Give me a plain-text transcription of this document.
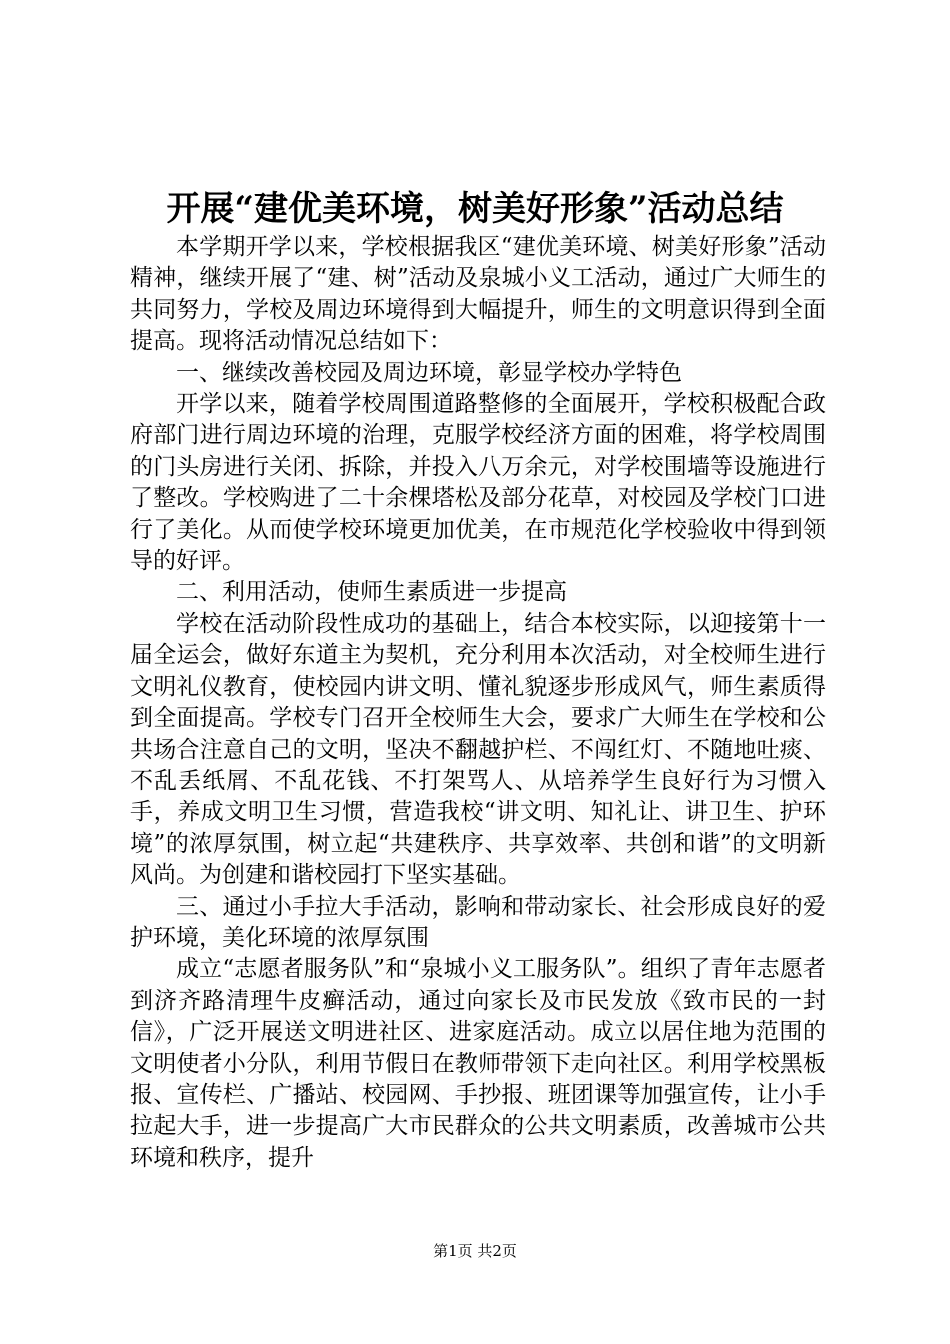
开展“建优美环境，树美好形象”活动总结

本学期开学以来，学校根据我区“建优美环境、树美好形象”活动精神，继续开展了“建、树”活动及泉城小义工活动，通过广大师生的共同努力，学校及周边环境得到大幅提升，师生的文明意识得到全面提高。现将活动情况总结如下：

一、继续改善校园及周边环境，彰显学校办学特色

开学以来，随着学校周围道路整修的全面展开，学校积极配合政府部门进行周边环境的治理，克服学校经济方面的困难，将学校周围的门头房进行关闭、拆除，并投入八万余元，对学校围墙等设施进行了整改。学校购进了二十余棵塔松及部分花草，对校园及学校门口进行了美化。从而使学校环境更加优美，在市规范化学校验收中得到领导的好评。

二、利用活动，使师生素质进一步提高

学校在活动阶段性成功的基础上，结合本校实际，以迎接第十一届全运会，做好东道主为契机，充分利用本次活动，对全校师生进行文明礼仪教育，使校园内讲文明、懂礼貌逐步形成风气，师生素质得到全面提高。学校专门召开全校师生大会，要求广大师生在学校和公共场合注意自己的文明，坚决不翻越护栏、不闯红灯、不随地吐痰、不乱丢纸屑、不乱花钱、不打架骂人、从培养学生良好行为习惯入手，养成文明卫生习惯，营造我校“讲文明、知礼让、讲卫生、护环境”的浓厚氛围，树立起“共建秩序、共享效率、共创和谐”的文明新风尚。为创建和谐校园打下坚实基础。

三、通过小手拉大手活动，影响和带动家长、社会形成良好的爱护环境，美化环境的浓厚氛围

成立“志愿者服务队”和“泉城小义工服务队”。组织了青年志愿者到济齐路清理牛皮癣活动，通过向家长及市民发放《致市民的一封信》，广泛开展送文明进社区、进家庭活动。成立以居住地为范围的文明使者小分队，利用节假日在教师带领下走向社区。利用学校黑板报、宣传栏、广播站、校园网、手抄报、班团课等加强宣传，让小手拉起大手，进一步提高广大市民群众的公共文明素质，改善城市公共环境和秩序，提升

第1页 共2页
